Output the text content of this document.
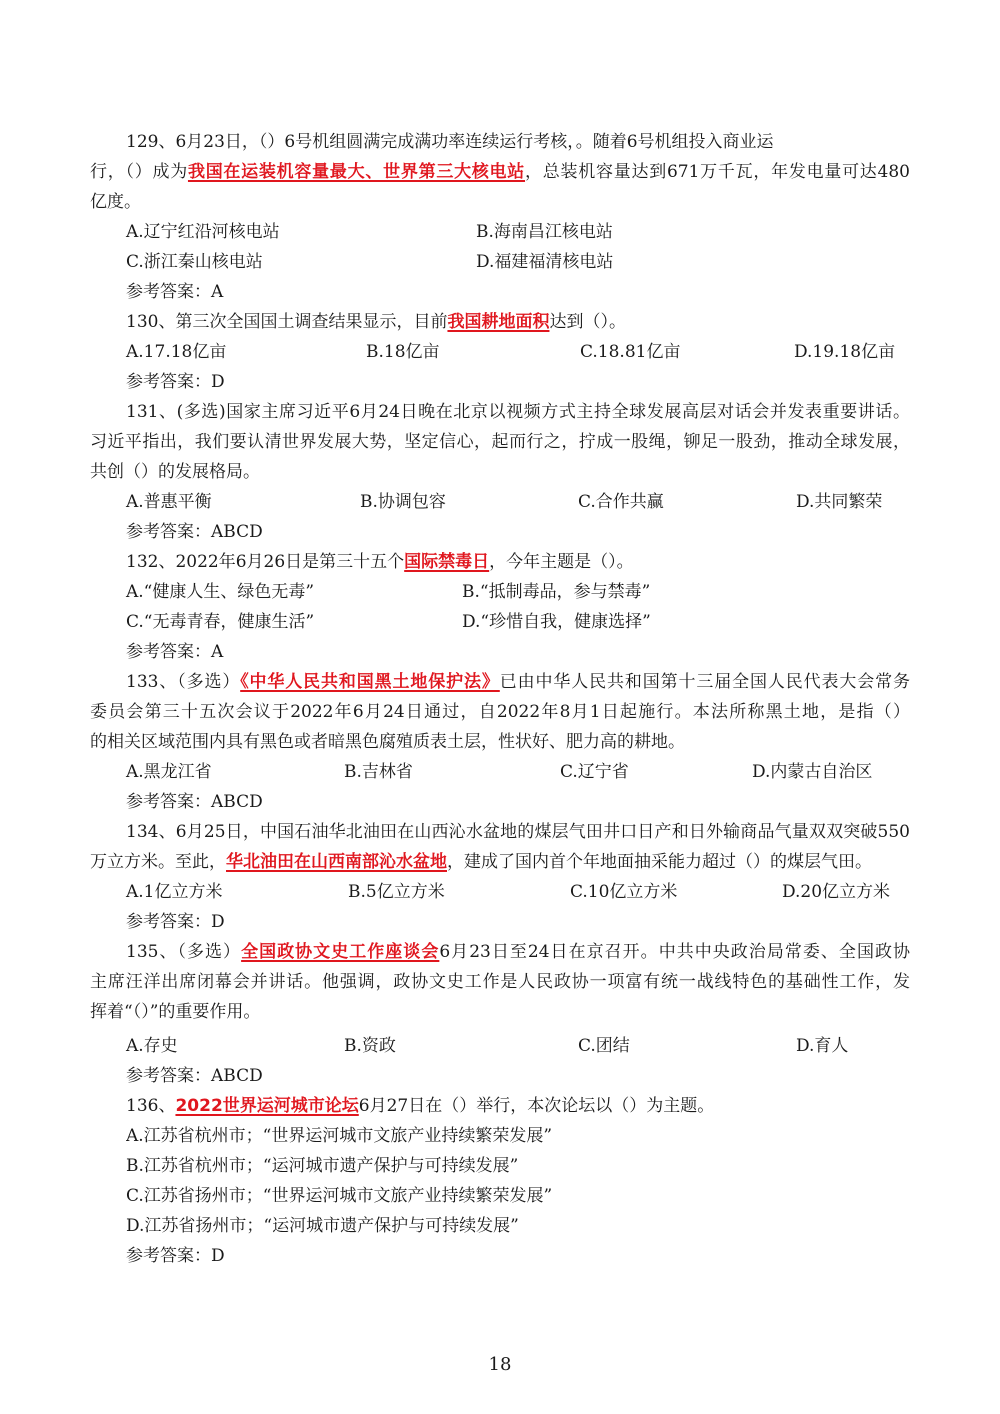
129、6月23日，（）6号机组圆满完成满功率连续运行考核，。随着6号机组投入商业运
行，（）成为我国在运装机容量最大、世界第三大核电站，总装机容量达到671万千瓦，年发电量可达480
亿度。
A.辽宁红沿河核电站	B.海南昌江核电站
C.浙江秦山核电站	D.福建福清核电站
参考答案：A
130、第三次全国国土调查结果显示，目前我国耕地面积达到（）。
A.17.18亿亩	B.18亿亩	C.18.81亿亩	D.19.18亿亩
参考答案：D
131、(多选)国家主席习近平6月24日晚在北京以视频方式主持全球发展高层对话会并发表重要讲话。
习近平指出，我们要认清世界发展大势，坚定信心，起而行之，拧成一股绳，铆足一股劲，推动全球发展，
共创（）的发展格局。
A.普惠平衡	B.协调包容	C.合作共赢	D.共同繁荣
参考答案：ABCD
132、2022年6月26日是第三十五个国际禁毒日，今年主题是（）。
A.“健康人生、绿色无毒”	B.“抵制毒品，参与禁毒”
C.“无毒青春，健康生活”	D.“珍惜自我，健康选择”
参考答案：A
133、（多选）《中华人民共和国黑土地保护法》已由中华人民共和国第十三届全国人民代表大会常务
委员会第三十五次会议于2022年6月24日通过，自2022年8月1日起施行。本法所称黑土地，是指（）
的相关区域范围内具有黑色或者暗黑色腐殖质表土层，性状好、肥力高的耕地。
A.黑龙江省	B.吉林省	C.辽宁省	D.内蒙古自治区
参考答案：ABCD
134、6月25日，中国石油华北油田在山西沁水盆地的煤层气田井口日产和日外输商品气量双双突破550
万立方米。至此，华北油田在山西南部沁水盆地，建成了国内首个年地面抽采能力超过（）的煤层气田。
A.1亿立方米	B.5亿立方米	C.10亿立方米	D.20亿立方米
参考答案：D
135、（多选）全国政协文史工作座谈会6月23日至24日在京召开。中共中央政治局常委、全国政协
主席汪洋出席闭幕会并讲话。他强调，政协文史工作是人民政协一项富有统一战线特色的基础性工作，发
挥着“（）”的重要作用。
A.存史	B.资政	C.团结	D.育人
参考答案：ABCD
136、2022世界运河城市论坛6月27日在（）举行，本次论坛以（）为主题。
A.江苏省杭州市；“世界运河城市文旅产业持续繁荣发展”
B.江苏省杭州市；“运河城市遗产保护与可持续发展”
C.江苏省扬州市；“世界运河城市文旅产业持续繁荣发展”
D.江苏省扬州市；“运河城市遗产保护与可持续发展”
参考答案：D
18
